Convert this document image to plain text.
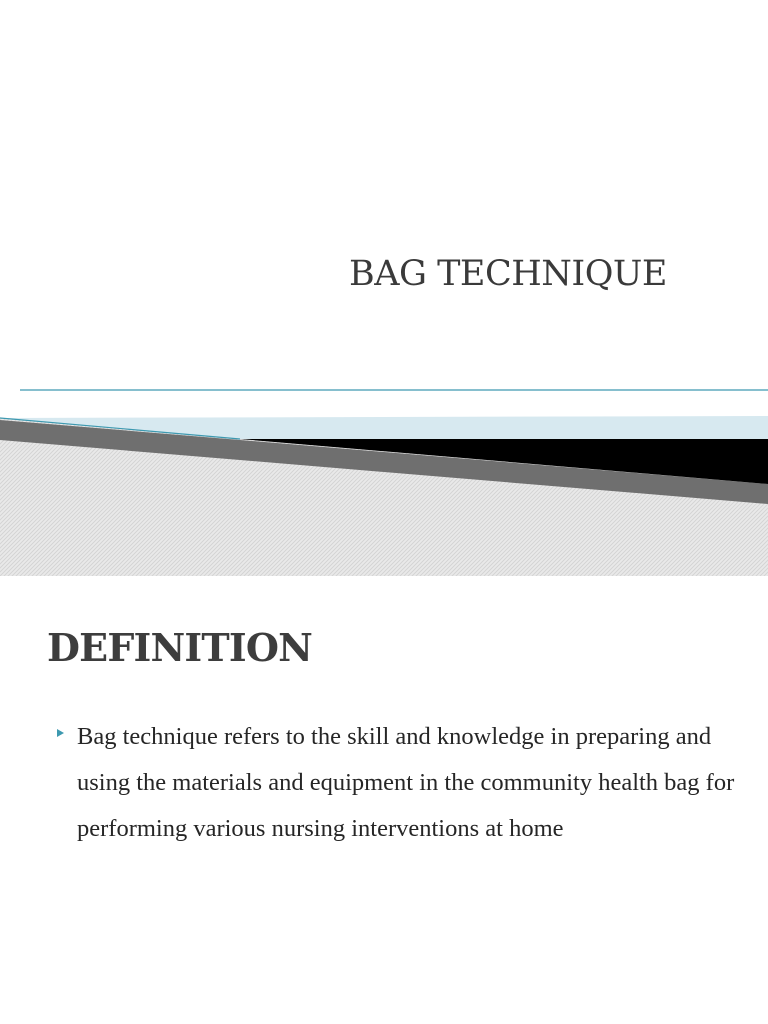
BAG TECHNIQUE
DEFINITION
Bag technique refers to the skill and knowledge in preparing and using the materials and equipment in the community health bag for performing various nursing interventions at home
